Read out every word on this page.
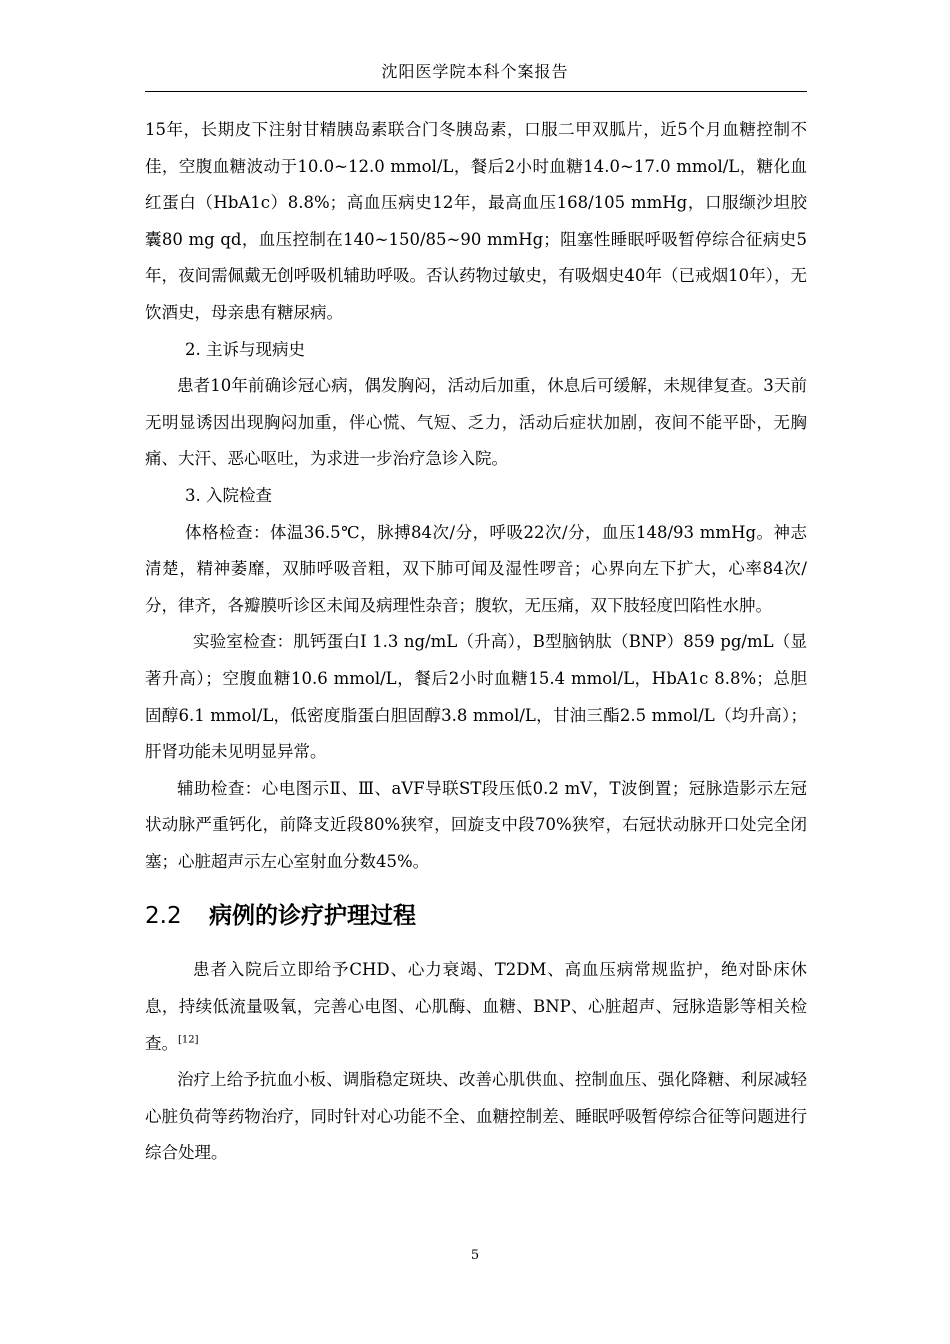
沈阳医学院本科个案报告

15年，长期皮下注射甘精胰岛素联合门冬胰岛素，口服二甲双胍片，近5个月血糖控制不佳，空腹血糖波动于10.0~12.0 mmol/L，餐后2小时血糖14.0~17.0 mmol/L，糖化血红蛋白（HbA1c）8.8%；高血压病史12年，最高血压168/105 mmHg，口服缬沙坦胶囊80 mg qd，血压控制在140~150/85~90 mmHg；阻塞性睡眠呼吸暂停综合征病史5年，夜间需佩戴无创呼吸机辅助呼吸。否认药物过敏史，有吸烟史40年（已戒烟10年），无饮酒史，母亲患有糖尿病。

2. 主诉与现病史

患者10年前确诊冠心病，偶发胸闷，活动后加重，休息后可缓解，未规律复查。3天前无明显诱因出现胸闷加重，伴心慌、气短、乏力，活动后症状加剧，夜间不能平卧，无胸痛、大汗、恶心呕吐，为求进一步治疗急诊入院。

3. 入院检查

体格检查：体温36.5℃，脉搏84次/分，呼吸22次/分，血压148/93 mmHg。神志清楚，精神萎靡，双肺呼吸音粗，双下肺可闻及湿性啰音；心界向左下扩大，心率84次/分，律齐，各瓣膜听诊区未闻及病理性杂音；腹软，无压痛，双下肢轻度凹陷性水肿。

实验室检查：肌钙蛋白I 1.3 ng/mL（升高），B型脑钠肽（BNP）859 pg/mL（显著升高）；空腹血糖10.6 mmol/L，餐后2小时血糖15.4 mmol/L，HbA1c 8.8%；总胆固醇6.1 mmol/L，低密度脂蛋白胆固醇3.8 mmol/L，甘油三酯2.5 mmol/L（均升高）；肝肾功能未见明显异常。

辅助检查：心电图示Ⅱ、Ⅲ、aVF导联ST段压低0.2 mV，T波倒置；冠脉造影示左冠状动脉严重钙化，前降支近段80%狭窄，回旋支中段70%狭窄，右冠状动脉开口处完全闭塞；心脏超声示左心室射血分数45%。

2.2 病例的诊疗护理过程

患者入院后立即给予CHD、心力衰竭、T2DM、高血压病常规监护，绝对卧床休息，持续低流量吸氧，完善心电图、心肌酶、血糖、BNP、心脏超声、冠脉造影等相关检查。[12]

治疗上给予抗血小板、调脂稳定斑块、改善心肌供血、控制血压、强化降糖、利尿减轻心脏负荷等药物治疗，同时针对心功能不全、血糖控制差、睡眠呼吸暂停综合征等问题进行综合处理。

5
